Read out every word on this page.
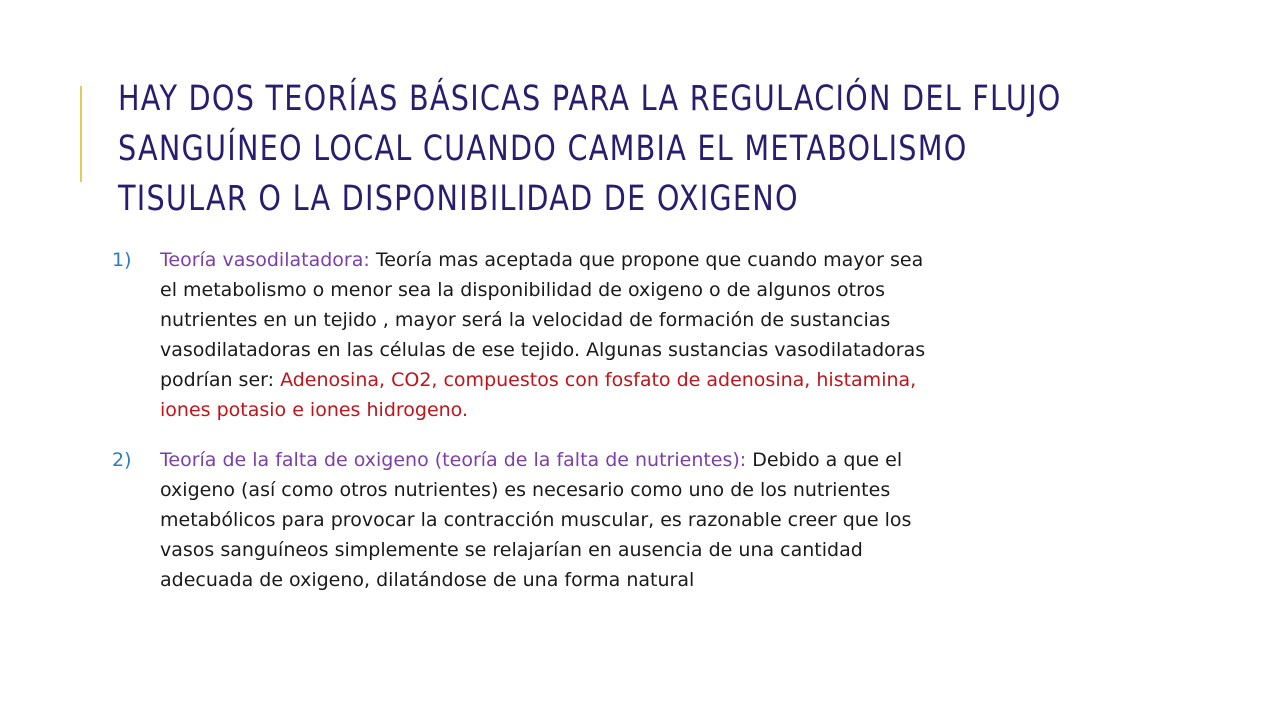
HAY DOS TEORÍAS BÁSICAS PARA LA REGULACIÓN DEL FLUJO
SANGUÍNEO LOCAL CUANDO CAMBIA EL METABOLISMO
TISULAR O LA DISPONIBILIDAD DE OXIGENO
1) Teoría vasodilatadora: Teoría mas aceptada que propone que cuando mayor sea
el metabolismo o menor sea la disponibilidad de oxigeno o de algunos otros
nutrientes en un tejido , mayor será la velocidad de formación de sustancias
vasodilatadoras en las células de ese tejido. Algunas sustancias vasodilatadoras
podrían ser: Adenosina, CO2, compuestos con fosfato de adenosina, histamina,
iones potasio e iones hidrogeno.
2) Teoría de la falta de oxigeno (teoría de la falta de nutrientes): Debido a que el
oxigeno (así como otros nutrientes) es necesario como uno de los nutrientes
metabólicos para provocar la contracción muscular, es razonable creer que los
vasos sanguíneos simplemente se relajarían en ausencia de una cantidad
adecuada de oxigeno, dilatándose de una forma natural
